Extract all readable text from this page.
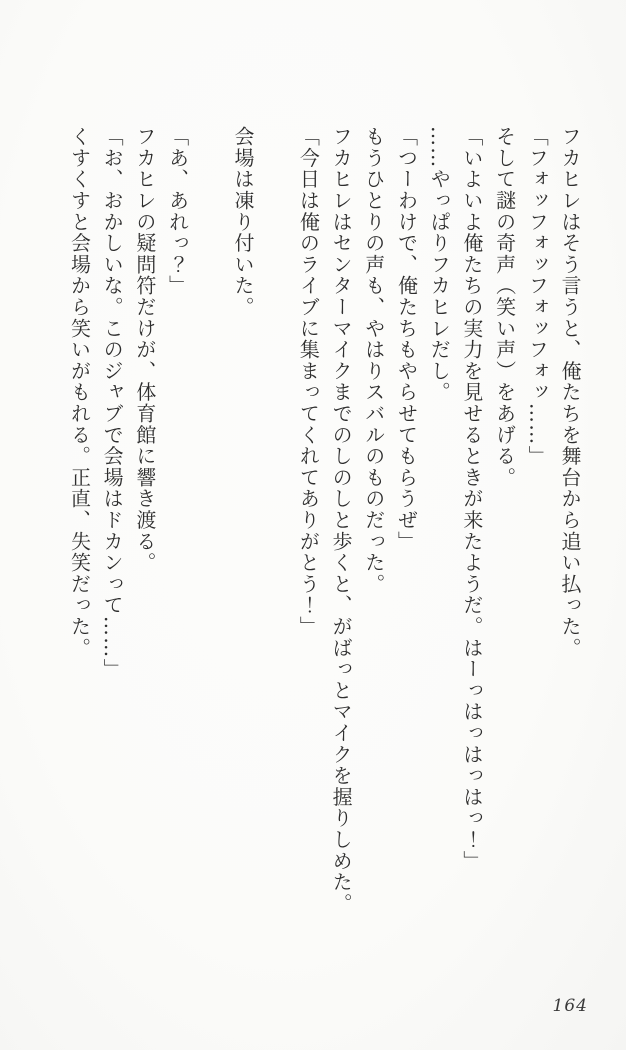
フカヒレはそう言うと、俺たちを舞台から追い払った。

「フォッフォッフォッフォッ……」

そして謎の奇声（笑い声）をあげる。

「いよいよ俺たちの実力を見せるときが来たようだ。はーっはっはっはっ！」

……やっぱりフカヒレだし。

「つーわけで、俺たちもやらせてもらうぜ」

もうひとりの声も、やはりスバルのものだった。

フカヒレはセンターマイクまでのしのしと歩くと、がばっとマイクを握りしめた。

「今日は俺のライブに集まってくれてありがとう！」

会場は凍り付いた。

「あ、あれっ？」

フカヒレの疑問符だけが、体育館に響き渡る。

「お、おかしいな。このジャブで会場はドカンって……」

くすくすと会場から笑いがもれる。正直、失笑だった。

164
